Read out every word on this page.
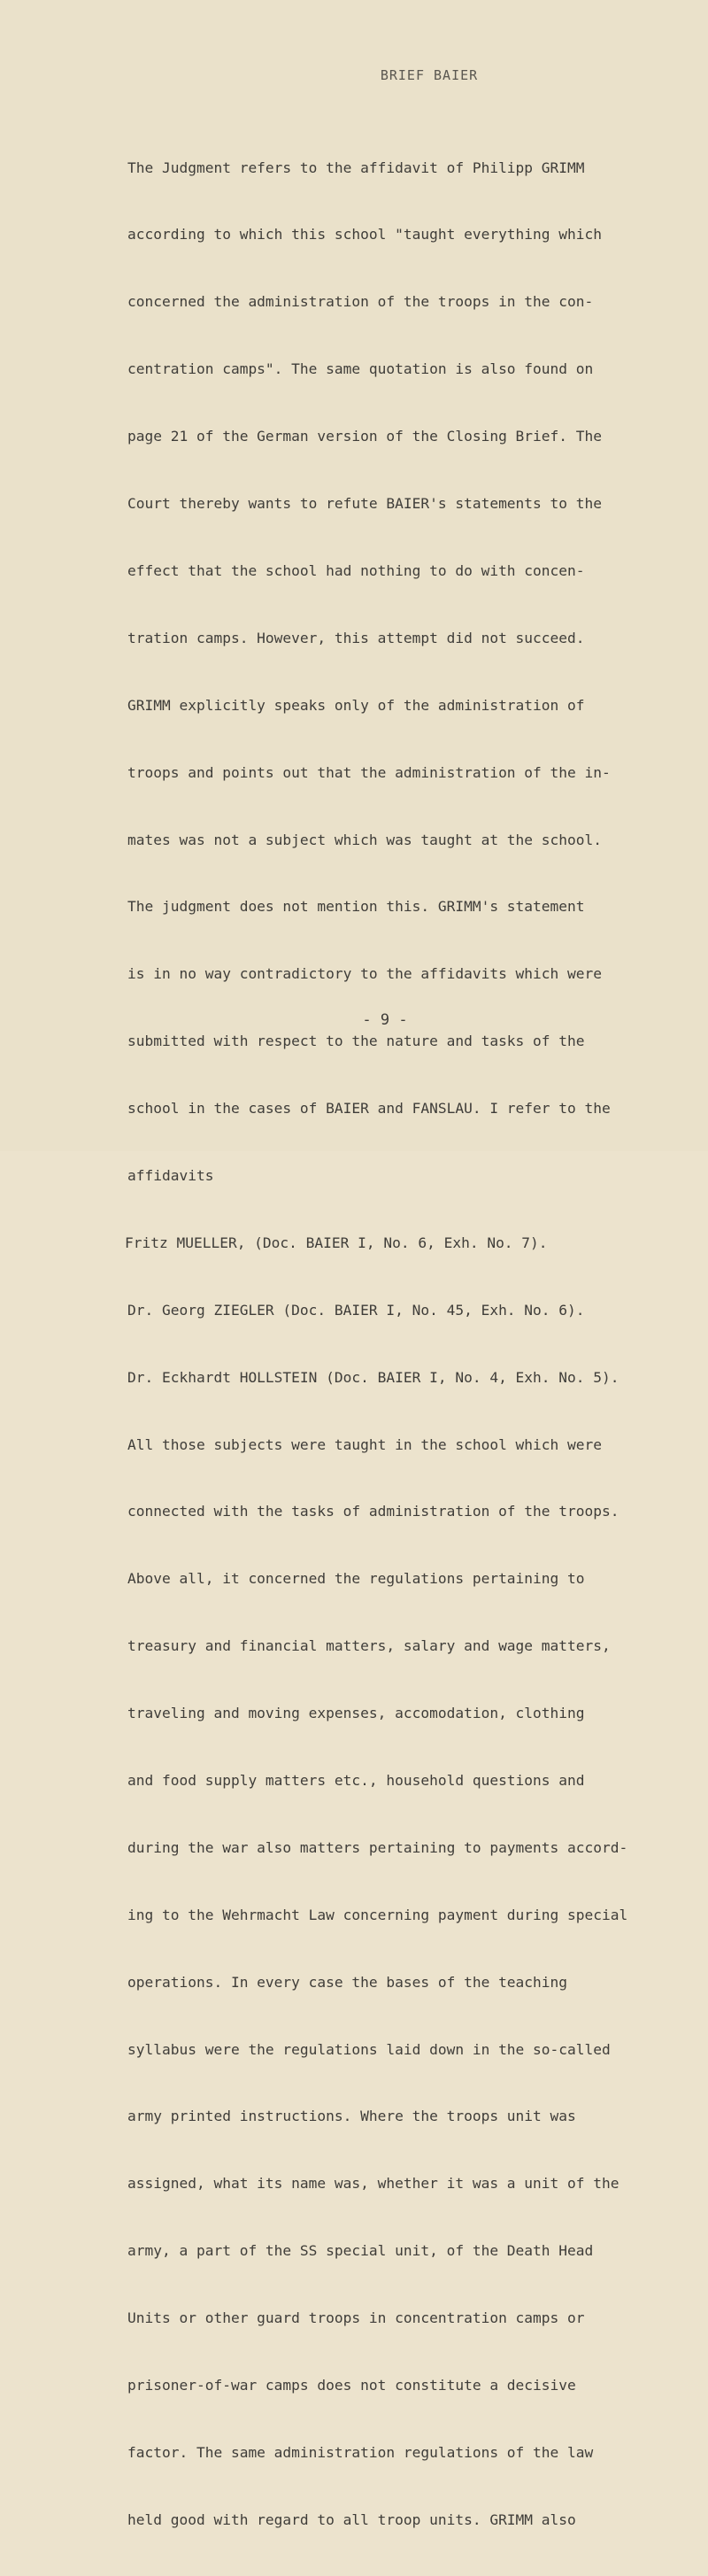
BRIEF BAIER

The Judgment refers to the affidavit of Philipp GRIMM

according to which this school "taught everything which

concerned the administration of the troops in the con-

centration camps". The same quotation is also found on

page 21 of the German version of the Closing Brief. The

Court thereby wants to refute BAIER's statements to the

effect that the school had nothing to do with concen-

tration camps. However, this attempt did not succeed.

GRIMM explicitly speaks only of the administration of

troops and points out that the administration of the in-

mates was not a subject which was taught at the school.

The judgment does not mention this. GRIMM's statement

is in no way contradictory to the affidavits which were

submitted with respect to the nature and tasks of the

school in the cases of BAIER and FANSLAU. I refer to the

affidavits

Fritz MUELLER, (Doc. BAIER I, No. 6, Exh. No. 7).

Dr. Georg ZIEGLER (Doc. BAIER I, No. 45, Exh. No. 6).

Dr. Eckhardt HOLLSTEIN (Doc. BAIER I, No. 4, Exh. No. 5).

All those subjects were taught in the school which were

connected with the tasks of administration of the troops.

Above all, it concerned the regulations pertaining to

treasury and financial matters, salary and wage matters,

traveling and moving expenses, accomodation, clothing

and food supply matters etc., household questions and

during the war also matters pertaining to payments accord-

ing to the Wehrmacht Law concerning payment during special

operations. In every case the bases of the teaching

syllabus were the regulations laid down in the so-called

army printed instructions. Where the troops unit was

assigned, what its name was, whether it was a unit of the

army, a part of the SS special unit, of the Death Head

Units or other guard troops in concentration camps or

prisoner-of-war camps does not constitute a decisive

factor. The same administration regulations of the law

held good with regard to all troop units. GRIMM also

- 9 -
